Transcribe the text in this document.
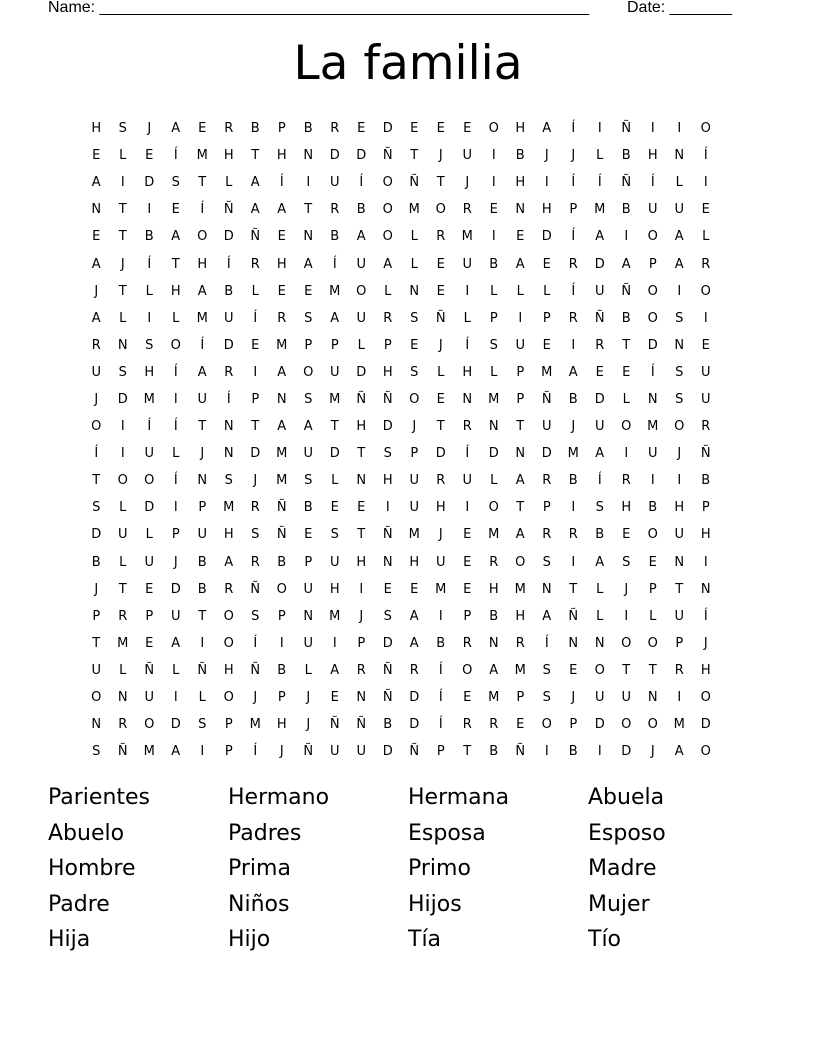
Name: _______________________________________________________ Date: _______
La familia
H	S	J	A	E	R	B	P	B	R	E	D	E	E	E	O	H	A	Í	I	Ñ	I	I	O
E	L	E	Í	M	H	T	H	N	D	D	Ñ	T	J	U	I	B	J	J	L	B	H	N	Í
A	I	D	S	T	L	A	Í	I	U	Í	O	Ñ	T	J	I	H	I	Í	Í	Ñ	Í	L	I
N	T	I	E	Í	Ñ	A	A	T	R	B	O	M	O	R	E	N	H	P	M	B	U	U	E
E	T	B	A	O	D	Ñ	E	N	B	A	O	L	R	M	I	E	D	Í	A	I	O	A	L
A	J	Í	T	H	Í	R	H	A	Í	U	A	L	E	U	B	A	E	R	D	A	P	A	R
J	T	L	H	A	B	L	E	E	M	O	L	N	E	I	L	L	L	Í	U	Ñ	O	I	O
A	L	I	L	M	U	Í	R	S	A	U	R	S	Ñ	L	P	I	P	R	Ñ	B	O	S	I
R	N	S	O	Í	D	E	M	P	P	L	P	E	J	Í	S	U	E	I	R	T	D	N	E
U	S	H	Í	A	R	I	A	O	U	D	H	S	L	H	L	P	M	A	E	E	Í	S	U
J	D	M	I	U	Í	P	N	S	M	Ñ	Ñ	O	E	N	M	P	Ñ	B	D	L	N	S	U
O	I	Í	Í	T	N	T	A	A	T	H	D	J	T	R	N	T	U	J	U	O	M	O	R
Í	I	U	L	J	N	D	M	U	D	T	S	P	D	Í	D	N	D	M	A	I	U	J	Ñ
T	O	O	Í	N	S	J	M	S	L	N	H	U	R	U	L	A	R	B	Í	R	I	I	B
S	L	D	I	P	M	R	Ñ	B	E	E	I	U	H	I	O	T	P	I	S	H	B	H	P
D	U	L	P	U	H	S	Ñ	E	S	T	Ñ	M	J	E	M	A	R	R	B	E	O	U	H
B	L	U	J	B	A	R	B	P	U	H	N	H	U	E	R	O	S	I	A	S	E	N	I
J	T	E	D	B	R	Ñ	O	U	H	I	E	E	M	E	H	M	N	T	L	J	P	T	N
P	R	P	U	T	O	S	P	N	M	J	S	A	I	P	B	H	A	Ñ	L	I	L	U	Í
T	M	E	A	I	O	Í	I	U	I	P	D	A	B	R	N	R	Í	N	N	O	O	P	J
U	L	Ñ	L	Ñ	H	Ñ	B	L	A	R	Ñ	R	Í	O	A	M	S	E	O	T	T	R	H
O	N	U	I	L	O	J	P	J	E	N	Ñ	D	Í	E	M	P	S	J	U	U	N	I	O
N	R	O	D	S	P	M	H	J	Ñ	Ñ	B	D	Í	R	R	E	O	P	D	O	O	M	D
S	Ñ	M	A	I	P	Í	J	Ñ	U	U	D	Ñ	P	T	B	Ñ	I	B	I	D	J	A	O
Parientes	Hermano	Hermana	Abuela
Abuelo	Padres	Esposa	Esposo
Hombre	Prima	Primo	Madre
Padre	Niños	Hijos	Mujer
Hija	Hijo	Tía	Tío
